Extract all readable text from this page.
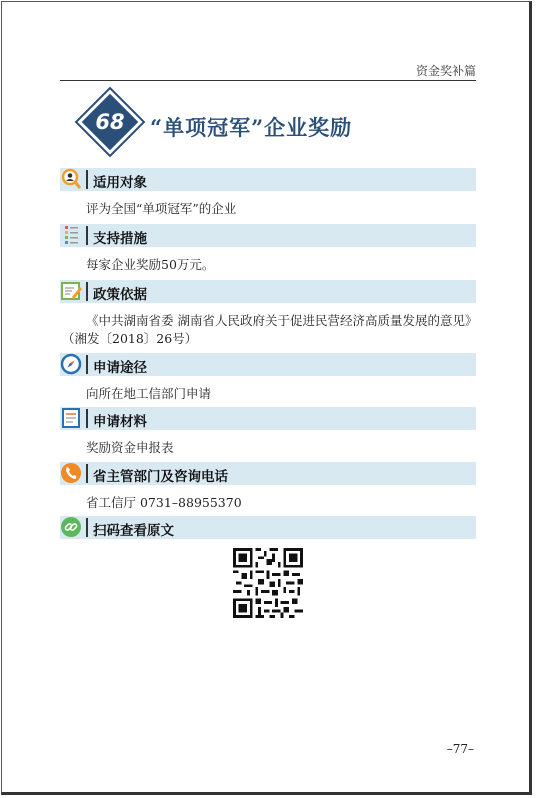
资金奖补篇
68	“单项冠军”企业奖励
适用对象
评为全国“单项冠军”的企业
支持措施
每家企业奖励50万元。
政策依据
《中共湖南省委 湖南省人民政府关于促进民营经济高质量发展的意见》
（湘发〔2018〕26号）
申请途径
向所在地工信部门申请
申请材料
奖励资金申报表
省主管部门及咨询电话
省工信厅 0731–88955370
扫码查看原文
–77–
